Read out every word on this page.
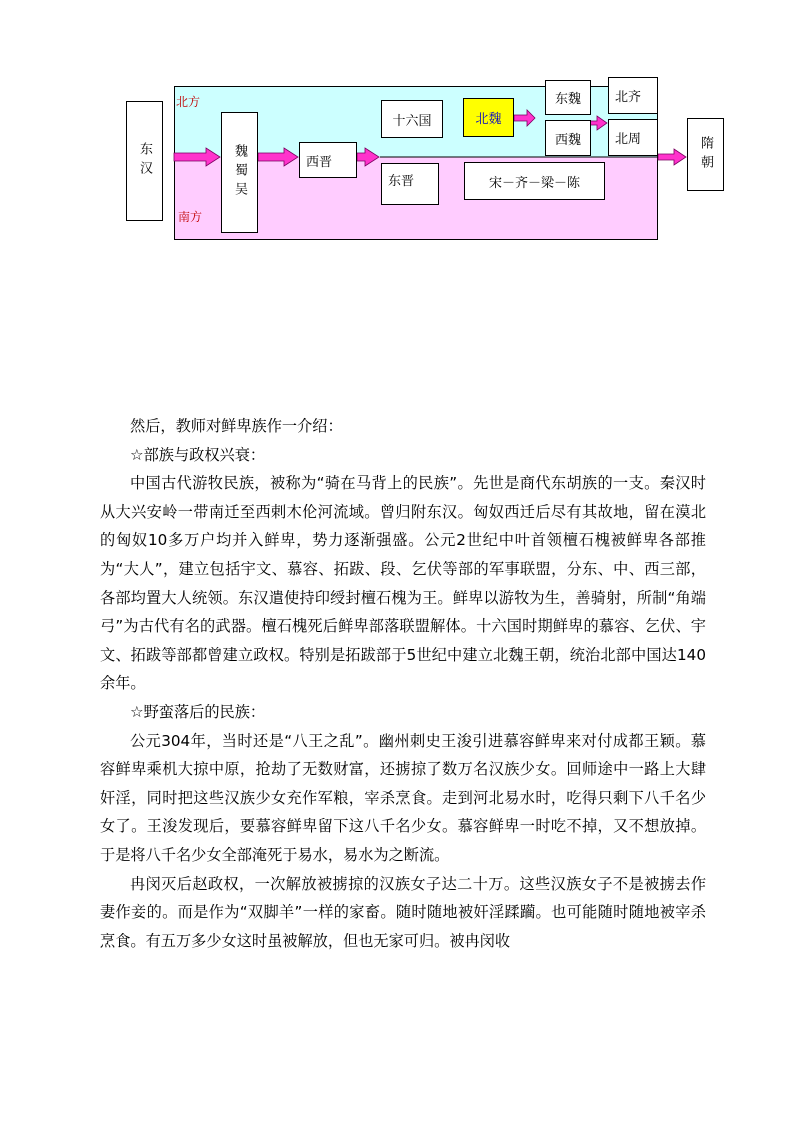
北方
南方
东汉	魏蜀吴	西晋
十六国	北魏
东晋	宋－齐－梁－陈
东魏
西魏
北齐
北周	隋朝

然后，教师对鲜卑族作一介绍：

☆部族与政权兴衰：

中国古代游牧民族，被称为“骑在马背上的民族”。先世是商代东胡族的一支。秦汉时从大兴安岭一带南迁至西剌木伦河流域。曾归附东汉。匈奴西迁后尽有其故地，留在漠北的匈奴10多万户均并入鲜卑，势力逐渐强盛。公元2世纪中叶首领檀石槐被鲜卑各部推为“大人”，建立包括宇文、慕容、拓跋、段、乞伏等部的军事联盟，分东、中、西三部，各部均置大人统领。东汉遣使持印绶封檀石槐为王。鲜卑以游牧为生，善骑射，所制“角端弓”为古代有名的武器。檀石槐死后鲜卑部落联盟解体。十六国时期鲜卑的慕容、乞伏、宇文、拓跋等部都曾建立政权。特别是拓跋部于5世纪中建立北魏王朝，统治北部中国达140余年。

☆野蛮落后的民族：

公元304年，当时还是“八王之乱”。幽州刺史王浚引进慕容鲜卑来对付成都王颖。慕容鲜卑乘机大掠中原，抢劫了无数财富，还掳掠了数万名汉族少女。回师途中一路上大肆奸淫，同时把这些汉族少女充作军粮，宰杀烹食。走到河北易水时，吃得只剩下八千名少女了。王浚发现后，要慕容鲜卑留下这八千名少女。慕容鲜卑一时吃不掉，又不想放掉。于是将八千名少女全部淹死于易水，易水为之断流。

冉闵灭后赵政权，一次解放被掳掠的汉族女子达二十万。这些汉族女子不是被掳去作妻作妾的。而是作为“双脚羊”一样的家畜。随时随地被奸淫蹂躏。也可能随时随地被宰杀烹食。有五万多少女这时虽被解放，但也无家可归。被冉闵收
